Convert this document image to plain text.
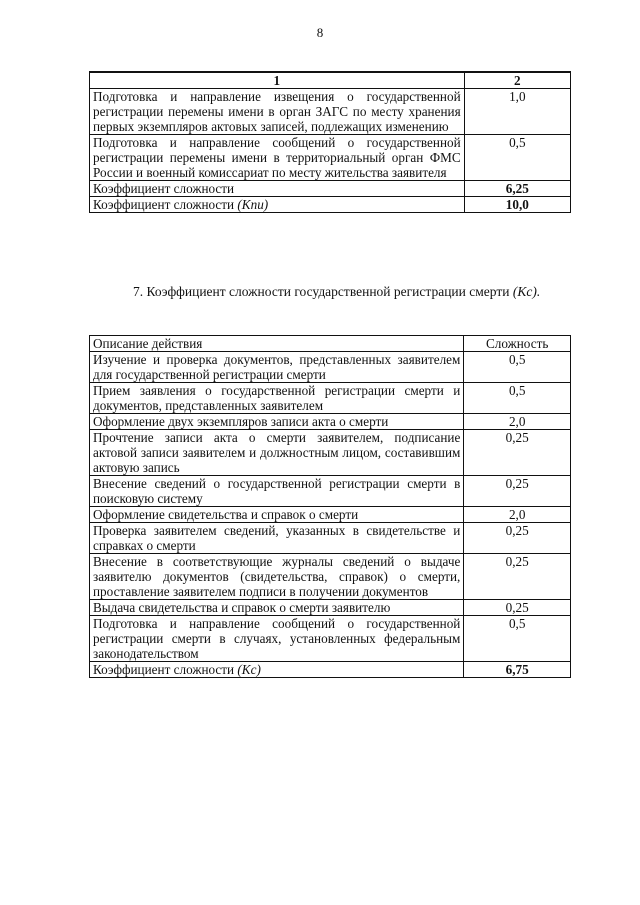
8
1	2
Подготовка и направление извещения о государственной регистрации перемены имени в орган ЗАГС по месту хранения первых экземпляров актовых записей, подлежащих изменению	1,0
Подготовка и направление сообщений о государственной регистрации перемены имени в территориальный орган ФМС России и военный комиссариат по месту жительства заявителя	0,5
Коэффициент сложности	6,25
Коэффициент сложности (Kпи)	10,0
7. Коэффициент сложности государственной регистрации смерти (Kс).
Описание действия	Сложность
Изучение и проверка документов, представленных заявителем для государственной регистрации смерти	0,5
Прием заявления о государственной регистрации смерти и документов, представленных заявителем	0,5
Оформление двух экземпляров записи акта о смерти	2,0
Прочтение записи акта о смерти заявителем, подписание актовой записи заявителем и должностным лицом, составившим актовую запись	0,25
Внесение сведений о государственной регистрации смерти в поисковую систему	0,25
Оформление свидетельства и справок о смерти	2,0
Проверка заявителем сведений, указанных в свидетельстве и справках о смерти	0,25
Внесение в соответствующие журналы сведений о выдаче заявителю документов (свидетельства, справок) о смерти, проставление заявителем подписи в получении документов	0,25
Выдача свидетельства и справок о смерти заявителю	0,25
Подготовка и направление сообщений о государственной регистрации смерти в случаях, установленных федеральным законодательством	0,5
Коэффициент сложности (Kс)	6,75
